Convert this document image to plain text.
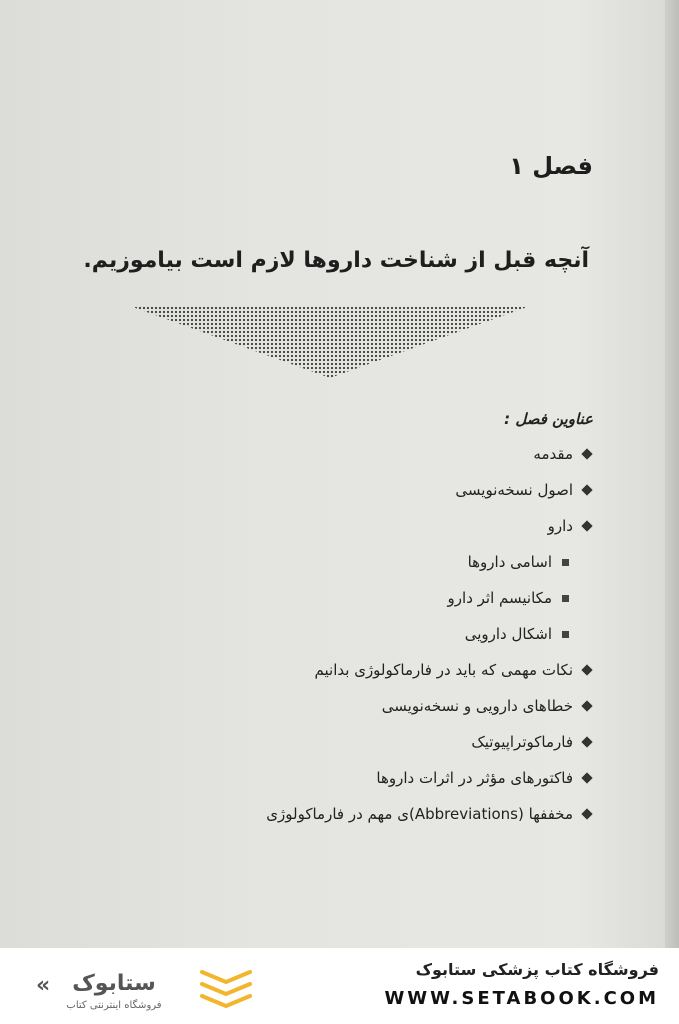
فصل ۱
آنچه قبل از شناخت داروها لازم است بیاموزیم.

عناوین فصل :

مقدمه
اصول نسخه‌نویسی
دارو
اسامی داروها
مکانیسم اثر دارو
اشکال دارویی
نکات مهمی که باید در فارماکولوژی بدانیم
خطاهای دارویی و نسخه‌نویسی
فارماکوتراپیوتیک
فاکتورهای مؤثر در اثرات داروها
مخففها (Abbreviations)ی مهم در فارماکولوژی
ستابوک
فروشگاه اینترنتی کتاب
«

فروشگاه کتاب پزشکی ستابوک

WWW.SETABOOK.COM
